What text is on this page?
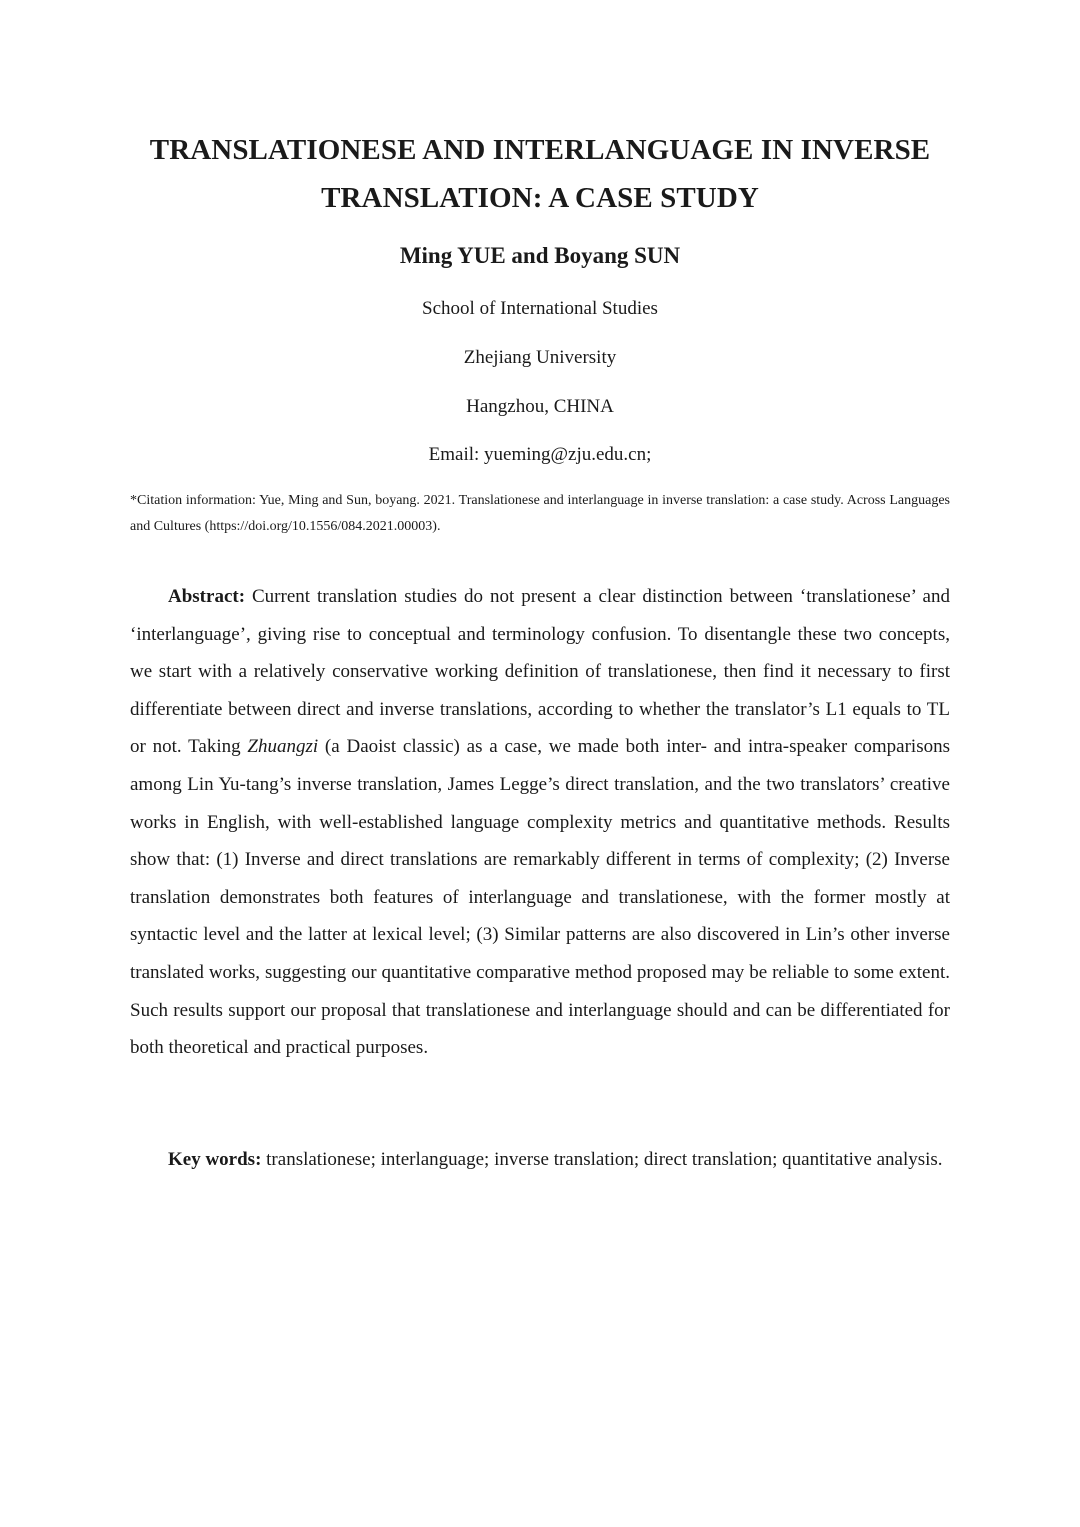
TRANSLATIONESE AND INTERLANGUAGE IN INVERSE
TRANSLATION: A CASE STUDY
Ming YUE and Boyang SUN
School of International Studies
Zhejiang University
Hangzhou, CHINA
Email: yueming@zju.edu.cn;
*Citation information: Yue, Ming and Sun, boyang. 2021. Translationese and interlanguage in inverse translation: a case study. Across Languages and Cultures (https://doi.org/10.1556/084.2021.00003).

Abstract: Current translation studies do not present a clear distinction between ‘translationese’ and ‘interlanguage’, giving rise to conceptual and terminology confusion. To disentangle these two concepts, we start with a relatively conservative working definition of translationese, then find it necessary to first differentiate between direct and inverse translations, according to whether the translator’s L1 equals to TL or not. Taking Zhuangzi (a Daoist classic) as a case, we made both inter- and intra-speaker comparisons among Lin Yu-tang’s inverse translation, James Legge’s direct translation, and the two translators’ creative works in English, with well-established language complexity metrics and quantitative methods. Results show that: (1) Inverse and direct translations are remarkably different in terms of complexity; (2) Inverse translation demonstrates both features of interlanguage and translationese, with the former mostly at syntactic level and the latter at lexical level; (3) Similar patterns are also discovered in Lin’s other inverse translated works, suggesting our quantitative comparative method proposed may be reliable to some extent. Such results support our proposal that translationese and interlanguage should and can be differentiated for both theoretical and practical purposes.

Key words: translationese; interlanguage; inverse translation; direct translation; quantitative analysis.
